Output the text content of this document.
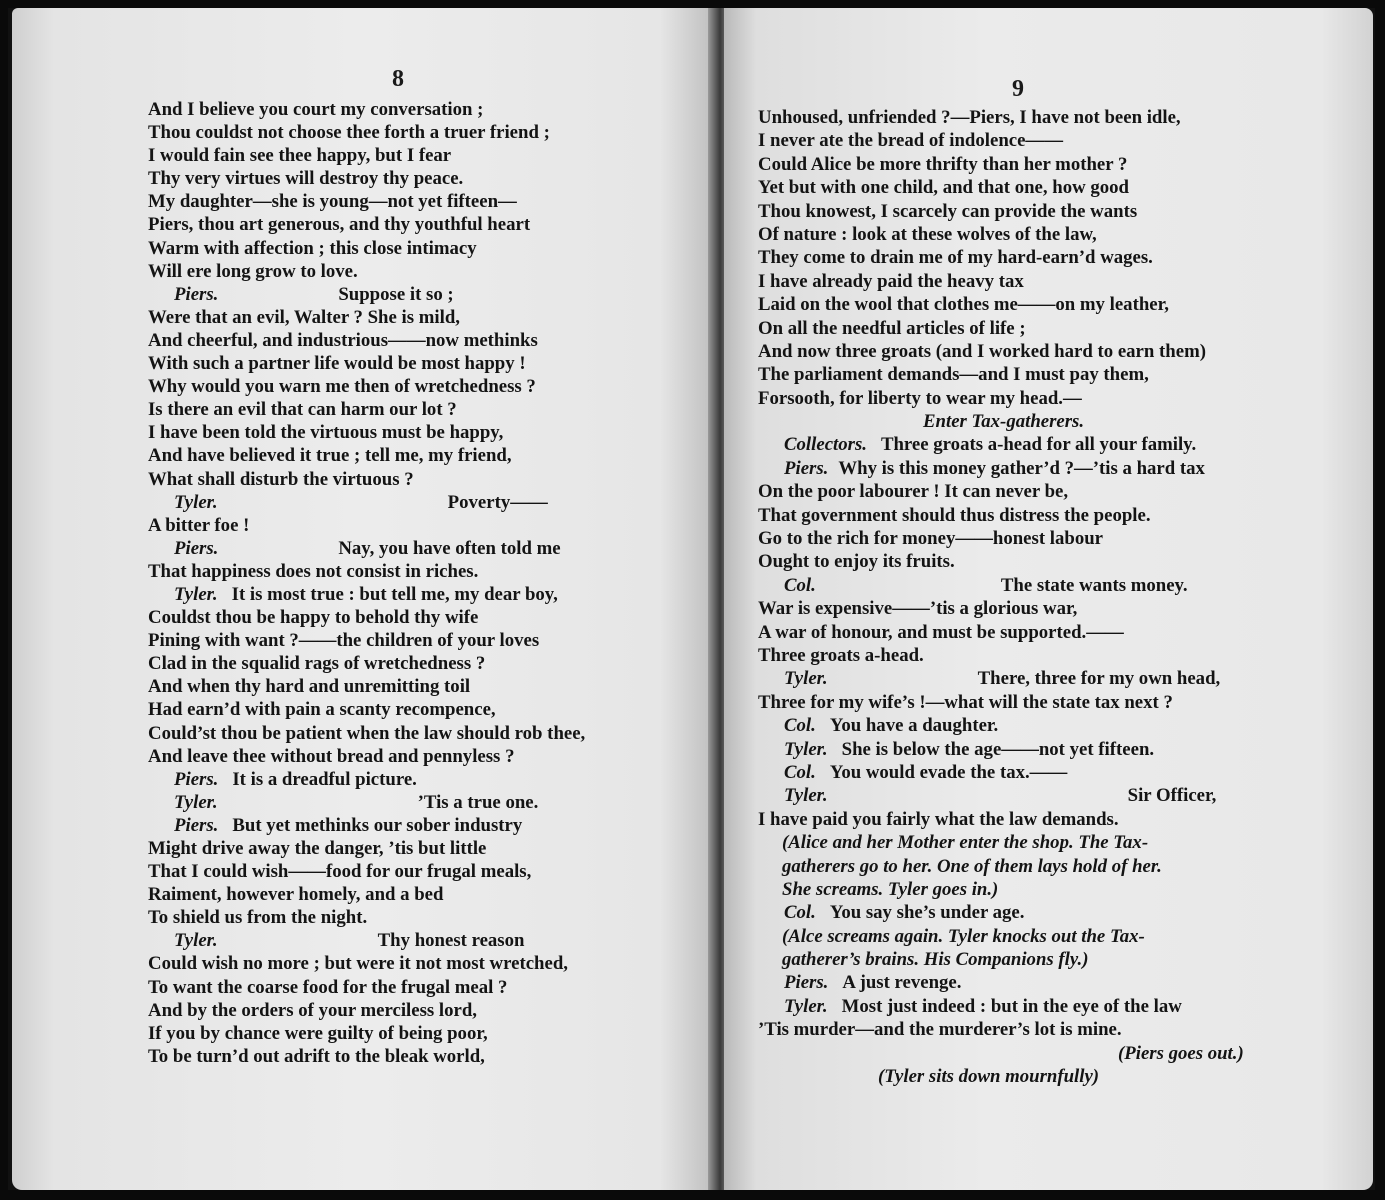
8
And I believe you court my conversation ;
Thou couldst not choose thee forth a truer friend ;
I would fain see thee happy, but I fear
Thy very virtues will destroy thy peace.
My daughter—she is young—not yet fifteen—
Piers, thou art generous, and thy youthful heart
Warm with affection ; this close intimacy
Will ere long grow to love.
Piers.	Suppose it so ;
Were that an evil, Walter ? She is mild,
And cheerful, and industrious——now methinks
With such a partner life would be most happy !
Why would you warn me then of wretchedness ?
Is there an evil that can harm our lot ?
I have been told the virtuous must be happy,
And have believed it true ; tell me, my friend,
What shall disturb the virtuous ?
Tyler.	Poverty——
A bitter foe !
Piers.	Nay, you have often told me
That happiness does not consist in riches.
Tyler. It is most true : but tell me, my dear boy,
Couldst thou be happy to behold thy wife
Pining with want ?——the children of your loves
Clad in the squalid rags of wretchedness ?
And when thy hard and unremitting toil
Had earn’d with pain a scanty recompence,
Could’st thou be patient when the law should rob thee,
And leave thee without bread and pennyless ?
Piers. It is a dreadful picture.
Tyler.	’Tis a true one.
Piers. But yet methinks our sober industry
Might drive away the danger, ’tis but little
That I could wish——food for our frugal meals,
Raiment, however homely, and a bed
To shield us from the night.
Tyler.	Thy honest reason
Could wish no more ; but were it not most wretched,
To want the coarse food for the frugal meal ?
And by the orders of your merciless lord,
If you by chance were guilty of being poor,
To be turn’d out adrift to the bleak world,
9
Unhoused, unfriended ?—Piers, I have not been idle,
I never ate the bread of indolence——
Could Alice be more thrifty than her mother ?
Yet but with one child, and that one, how good
Thou knowest, I scarcely can provide the wants
Of nature : look at these wolves of the law,
They come to drain me of my hard-earn’d wages.
I have already paid the heavy tax
Laid on the wool that clothes me——on my leather,
On all the needful articles of life ;
And now three groats (and I worked hard to earn them)
The parliament demands—and I must pay them,
Forsooth, for liberty to wear my head.—
Enter Tax-gatherers.
Collectors. Three groats a-head for all your family.
Piers. Why is this money gather’d ?—’tis a hard tax
On the poor labourer ! It can never be,
That government should thus distress the people.
Go to the rich for money——honest labour
Ought to enjoy its fruits.
Col.	The state wants money.
War is expensive——’tis a glorious war,
A war of honour, and must be supported.——
Three groats a-head.
Tyler.	There, three for my own head,
Three for my wife’s !—what will the state tax next ?
Col. You have a daughter.
Tyler. She is below the age——not yet fifteen.
Col. You would evade the tax.——
Tyler.	Sir Officer,
I have paid you fairly what the law demands.
(Alice and her Mother enter the shop. The Tax-
gatherers go to her. One of them lays hold of her.
She screams. Tyler goes in.)
Col. You say she’s under age.
(Alce screams again. Tyler knocks out the Tax-
gatherer’s brains. His Companions fly.)
Piers. A just revenge.
Tyler. Most just indeed : but in the eye of the law
’Tis murder—and the murderer’s lot is mine.
(Piers goes out.)
(Tyler sits down mournfully)
